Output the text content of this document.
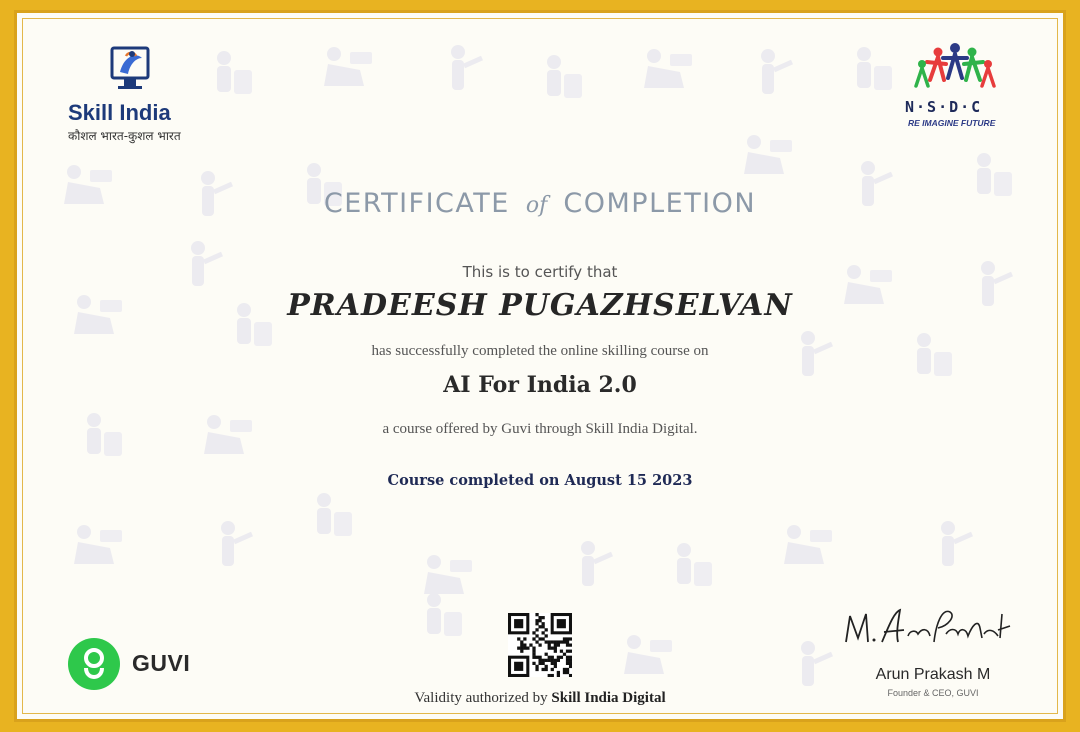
Skill India
कौशल भारत-कुशल भारत
N·S·D·C
RE IMAGINE FUTURE
CERTIFICATE of COMPLETION
This is to certify that
PRADEESH PUGAZHSELVAN
has successfully completed the online skilling course on
AI For India 2.0
a course offered by Guvi through Skill India Digital.
Course completed on August 15 2023
GUVI
Validity authorized by Skill India Digital
Arun Prakash M
Founder & CEO, GUVI
